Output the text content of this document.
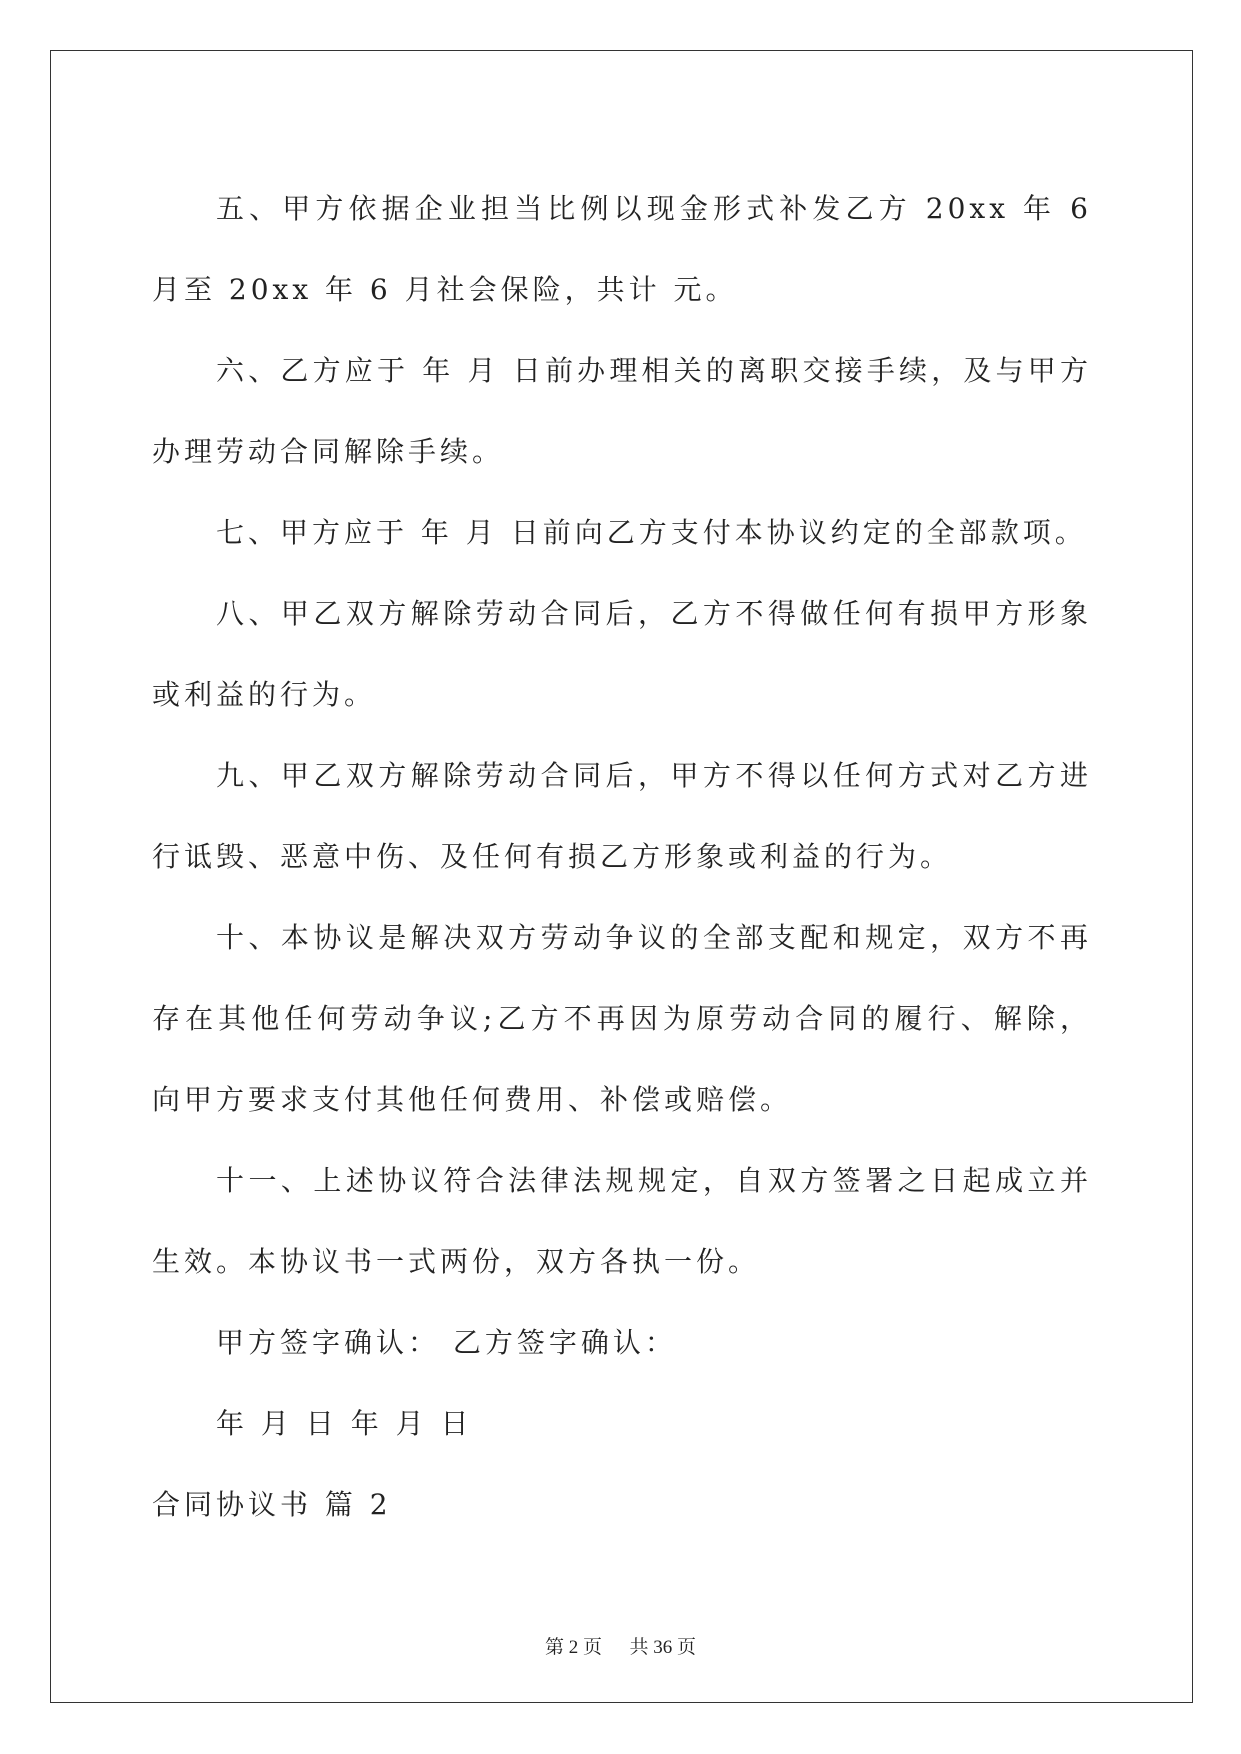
五、甲方依据企业担当比例以现金形式补发乙方 20xx 年 6 月至 20xx 年 6 月社会保险，共计 元。

六、乙方应于 年 月 日前办理相关的离职交接手续，及与甲方办理劳动合同解除手续。

七、甲方应于 年 月 日前向乙方支付本协议约定的全部款项。

八、甲乙双方解除劳动合同后，乙方不得做任何有损甲方形象或利益的行为。

九、甲乙双方解除劳动合同后，甲方不得以任何方式对乙方进行诋毁、恶意中伤、及任何有损乙方形象或利益的行为。

十、本协议是解决双方劳动争议的全部支配和规定，双方不再存在其他任何劳动争议;乙方不再因为原劳动合同的履行、解除，向甲方要求支付其他任何费用、补偿或赔偿。

十一、上述协议符合法律法规规定，自双方签署之日起成立并生效。本协议书一式两份，双方各执一份。

甲方签字确认： 乙方签字确认：

年 月 日 年 月 日

合同协议书 篇 2

第 2 页 共 36 页
